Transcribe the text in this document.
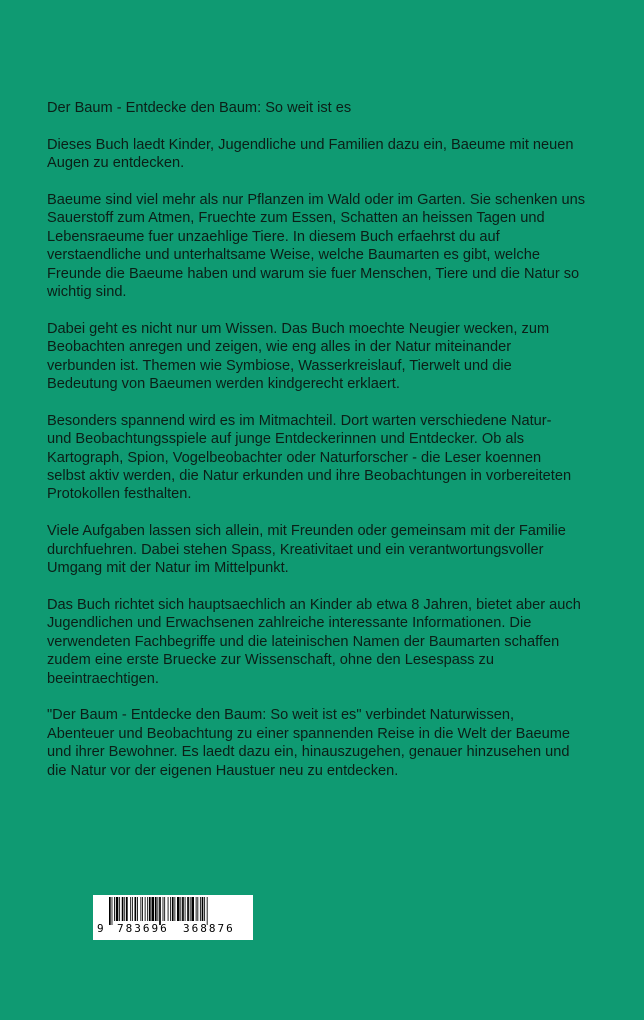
Der Baum - Entdecke den Baum: So weit ist es

Dieses Buch laedt Kinder, Jugendliche und Familien dazu ein, Baeume mit neuen
Augen zu entdecken.

Baeume sind viel mehr als nur Pflanzen im Wald oder im Garten. Sie schenken uns
Sauerstoff zum Atmen, Fruechte zum Essen, Schatten an heissen Tagen und
Lebensraeume fuer unzaehlige Tiere. In diesem Buch erfaehrst du auf
verstaendliche und unterhaltsame Weise, welche Baumarten es gibt, welche
Freunde die Baeume haben und warum sie fuer Menschen, Tiere und die Natur so
wichtig sind.

Dabei geht es nicht nur um Wissen. Das Buch moechte Neugier wecken, zum
Beobachten anregen und zeigen, wie eng alles in der Natur miteinander
verbunden ist. Themen wie Symbiose, Wasserkreislauf, Tierwelt und die
Bedeutung von Baeumen werden kindgerecht erklaert.

Besonders spannend wird es im Mitmachteil. Dort warten verschiedene Natur-
und Beobachtungsspiele auf junge Entdeckerinnen und Entdecker. Ob als
Kartograph, Spion, Vogelbeobachter oder Naturforscher - die Leser koennen
selbst aktiv werden, die Natur erkunden und ihre Beobachtungen in vorbereiteten
Protokollen festhalten.

Viele Aufgaben lassen sich allein, mit Freunden oder gemeinsam mit der Familie
durchfuehren. Dabei stehen Spass, Kreativitaet und ein verantwortungsvoller
Umgang mit der Natur im Mittelpunkt.

Das Buch richtet sich hauptsaechlich an Kinder ab etwa 8 Jahren, bietet aber auch
Jugendlichen und Erwachsenen zahlreiche interessante Informationen. Die
verwendeten Fachbegriffe und die lateinischen Namen der Baumarten schaffen
zudem eine erste Bruecke zur Wissenschaft, ohne den Lesespass zu
beeintraechtigen.

"Der Baum - Entdecke den Baum: So weit ist es" verbindet Naturwissen,
Abenteuer und Beobachtung zu einer spannenden Reise in die Welt der Baeume
und ihrer Bewohner. Es laedt dazu ein, hinauszugehen, genauer hinzusehen und
die Natur vor der eigenen Haustuer neu zu entdecken.

9 783696 368876
